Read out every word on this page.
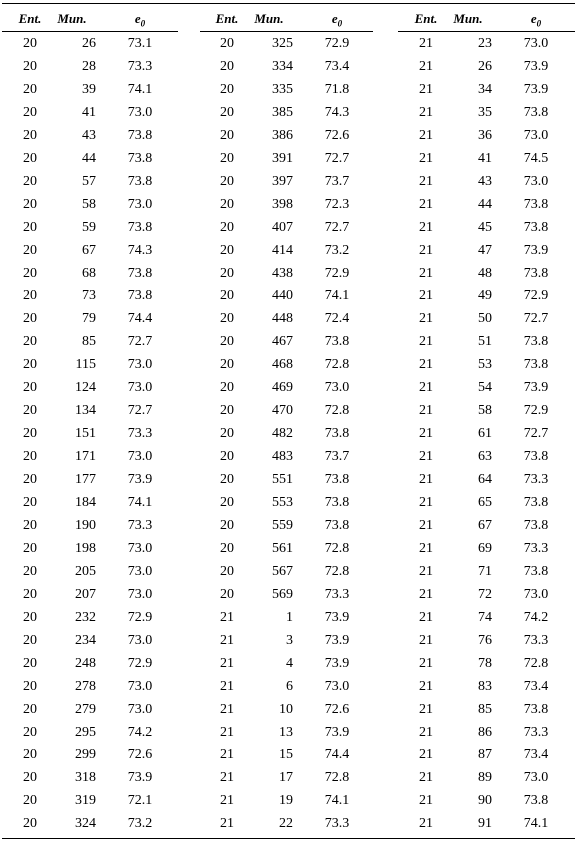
Ent.	Mun.	$e_0$
20	26	73.1
20	28	73.3
20	39	74.1
20	41	73.0
20	43	73.8
20	44	73.8
20	57	73.8
20	58	73.0
20	59	73.8
20	67	74.3
20	68	73.8
20	73	73.8
20	79	74.4
20	85	72.7
20	115	73.0
20	124	73.0
20	134	72.7
20	151	73.3
20	171	73.0
20	177	73.9
20	184	74.1
20	190	73.3
20	198	73.0
20	205	73.0
20	207	73.0
20	232	72.9
20	234	73.0
20	248	72.9
20	278	73.0
20	279	73.0
20	295	74.2
20	299	72.6
20	318	73.9
20	319	72.1
20	324	73.2
Ent.	Mun.	$e_0$
20	325	72.9
20	334	73.4
20	335	71.8
20	385	74.3
20	386	72.6
20	391	72.7
20	397	73.7
20	398	72.3
20	407	72.7
20	414	73.2
20	438	72.9
20	440	74.1
20	448	72.4
20	467	73.8
20	468	72.8
20	469	73.0
20	470	72.8
20	482	73.8
20	483	73.7
20	551	73.8
20	553	73.8
20	559	73.8
20	561	72.8
20	567	72.8
20	569	73.3
21	1	73.9
21	3	73.9
21	4	73.9
21	6	73.0
21	10	72.6
21	13	73.9
21	15	74.4
21	17	72.8
21	19	74.1
21	22	73.3
Ent.	Mun.	$e_0$
21	23	73.0
21	26	73.9
21	34	73.9
21	35	73.8
21	36	73.0
21	41	74.5
21	43	73.0
21	44	73.8
21	45	73.8
21	47	73.9
21	48	73.8
21	49	72.9
21	50	72.7
21	51	73.8
21	53	73.8
21	54	73.9
21	58	72.9
21	61	72.7
21	63	73.8
21	64	73.3
21	65	73.8
21	67	73.8
21	69	73.3
21	71	73.8
21	72	73.0
21	74	74.2
21	76	73.3
21	78	72.8
21	83	73.4
21	85	73.8
21	86	73.3
21	87	73.4
21	89	73.0
21	90	73.8
21	91	74.1
